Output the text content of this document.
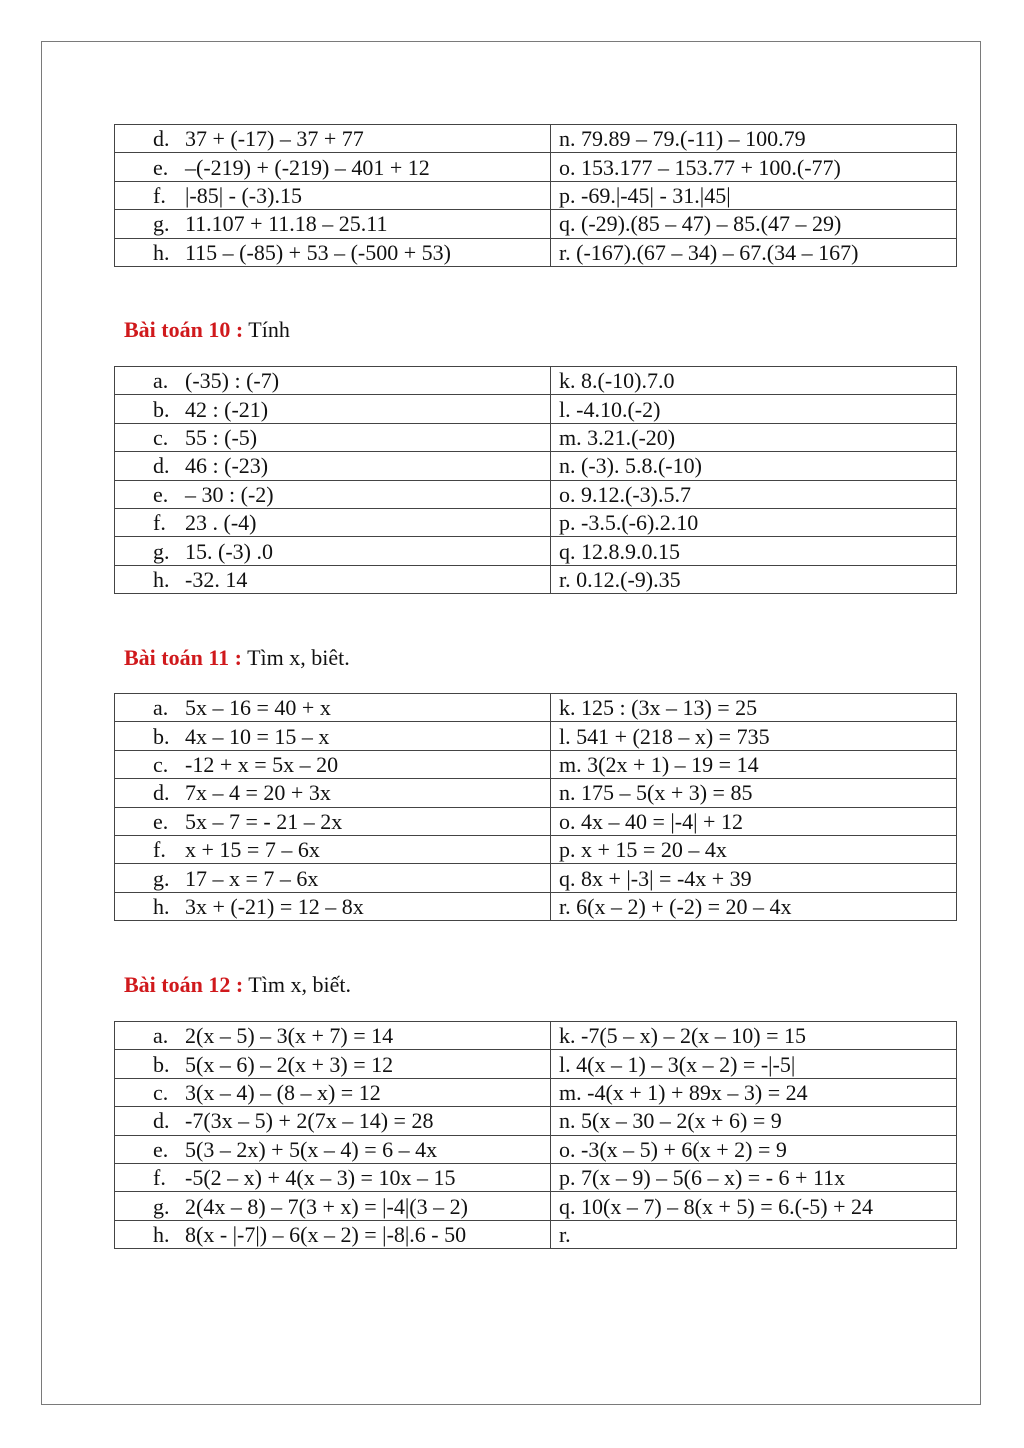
d. 37 + (-17) – 37 + 77	n. 79.89 – 79.(-11) – 100.79
e. –(-219) + (-219) – 401 + 12	o. 153.177 – 153.77 + 100.(-77)
f. |-85| - (-3).15	p. -69.|-45| - 31.|45|
g. 11.107 + 11.18 – 25.11	q. (-29).(85 – 47) – 85.(47 – 29)
h. 115 – (-85) + 53 – (-500 + 53)	r. (-167).(67 – 34) – 67.(34 – 167)
Bài toán 10 : Tính
a. (-35) : (-7)	k. 8.(-10).7.0
b. 42 : (-21)	l. -4.10.(-2)
c. 55 : (-5)	m. 3.21.(-20)
d. 46 : (-23)	n. (-3). 5.8.(-10)
e. – 30 : (-2)	o. 9.12.(-3).5.7
f. 23 . (-4)	p. -3.5.(-6).2.10
g. 15. (-3) .0	q. 12.8.9.0.15
h. -32. 14	r. 0.12.(-9).35
Bài toán 11 : Tìm x, biêt.
a. 5x – 16 = 40 + x	k. 125 : (3x – 13) = 25
b. 4x – 10 = 15 – x	l. 541 + (218 – x) = 735
c. -12 + x = 5x – 20	m. 3(2x + 1) – 19 = 14
d. 7x – 4 = 20 + 3x	n. 175 – 5(x + 3) = 85
e. 5x – 7 = - 21 – 2x	o. 4x – 40 = |-4| + 12
f. x + 15 = 7 – 6x	p. x + 15 = 20 – 4x
g. 17 – x = 7 – 6x	q. 8x + |-3| = -4x + 39
h. 3x + (-21) = 12 – 8x	r. 6(x – 2) + (-2) = 20 – 4x
Bài toán 12 : Tìm x, biết.
a. 2(x – 5) – 3(x + 7) = 14	k. -7(5 – x) – 2(x – 10) = 15
b. 5(x – 6) – 2(x + 3) = 12	l. 4(x – 1) – 3(x – 2) = -|-5|
c. 3(x – 4) – (8 – x) = 12	m. -4(x + 1) + 89x – 3) = 24
d. -7(3x – 5) + 2(7x – 14) = 28	n. 5(x – 30 – 2(x + 6) = 9
e. 5(3 – 2x) + 5(x – 4) = 6 – 4x	o. -3(x – 5) + 6(x + 2) = 9
f. -5(2 – x) + 4(x – 3) = 10x – 15	p. 7(x – 9) – 5(6 – x) = - 6 + 11x
g. 2(4x – 8) – 7(3 + x) = |-4|(3 – 2)	q. 10(x – 7) – 8(x + 5) = 6.(-5) + 24
h. 8(x - |-7|) – 6(x – 2) = |-8|.6 - 50	r.
